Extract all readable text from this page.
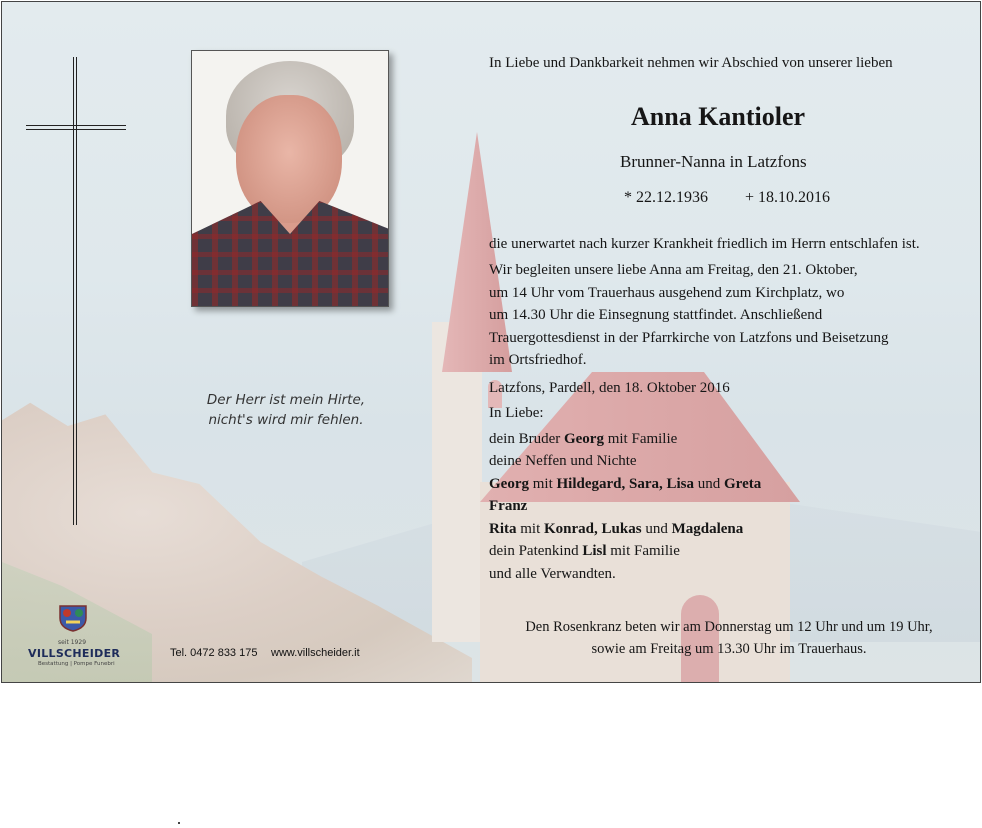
Der Herr ist mein Hirte,
nicht's wird mir fehlen.
seit 1929
VILLSCHEIDER
Bestattung | Pompe Funebri
Tel. 0472 833 175 www.villscheider.it
In Liebe und Dankbarkeit nehmen wir Abschied von unserer lieben
Anna Kantioler
Brunner-Nanna in Latzfons
* 22.12.1936 + 18.10.2016

die unerwartet nach kurzer Krankheit friedlich im Herrn entschlafen ist.

Wir begleiten unsere liebe Anna am Freitag, den 21. Oktober,
um 14 Uhr vom Trauerhaus ausgehend zum Kirchplatz, wo
um 14.30 Uhr die Einsegnung stattfindet. Anschließend
Trauergottesdienst in der Pfarrkirche von Latzfons und Beisetzung
im Ortsfriedhof.

Latzfons, Pardell, den 18. Oktober 2016

In Liebe:

dein Bruder Georg mit Familie
deine Neffen und Nichte
Georg mit Hildegard, Sara, Lisa und Greta
Franz
Rita mit Konrad, Lukas und Magdalena
dein Patenkind Lisl mit Familie
und alle Verwandten.
Den Rosenkranz beten wir am Donnerstag um 12 Uhr und um 19 Uhr,
sowie am Freitag um 13.30 Uhr im Trauerhaus.
